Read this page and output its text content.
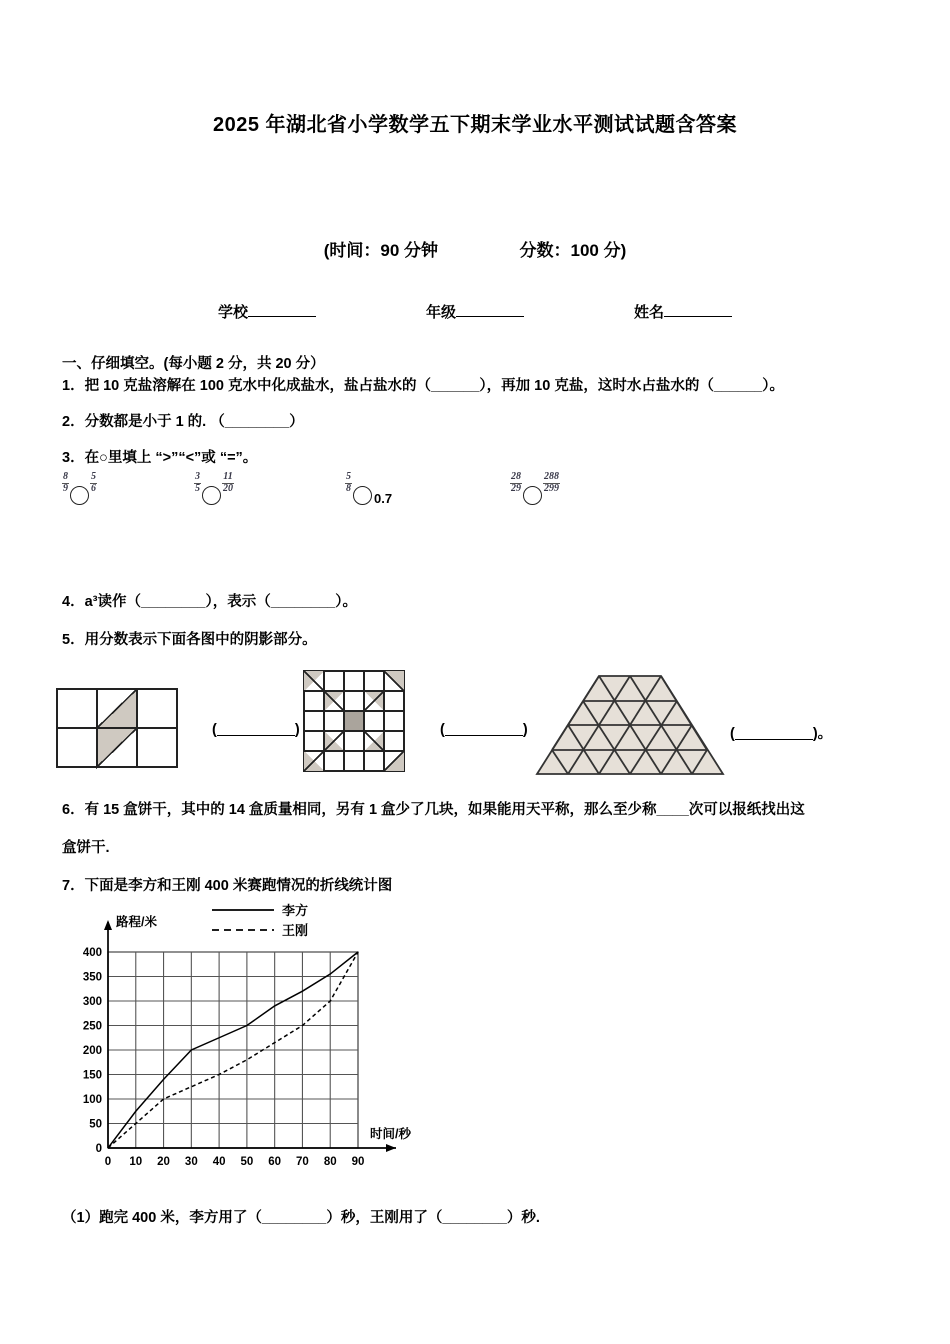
2025 年湖北省小学数学五下期末学业水平测试试题含答案
(时间：90 分钟	分数：100 分)
学校	年级	姓名
一、仔细填空。(每小题 2 分，共 20 分）
1．把 10 克盐溶解在 100 克水中化成盐水，盐占盐水的（______），再加 10 克盐，这时水占盐水的（______）。
2．分数都是小于 1 的. （________）
3．在○里填上 “>”“<”或 “=”。
$\frac{8}{9} \frac{5}{6}$	$\frac{3}{5} \frac{11}{20}$	$\frac{5}{8}$
0.7
$\frac{28}{29} \frac{288}{299}$
4．a³读作（________），表示（________）。
5．用分数表示下面各图中的阴影部分。
(	)	(	)	(	)。
6．有 15 盒饼干，其中的 14 盒质量相同，另有 1 盒少了几块，如果能用天平称，那么至少称____次可以报纸找出这
盒饼干.
7．下面是李方和王刚 400 米赛跑情况的折线统计图
0
50
100
150
200
250
300
350
400
0 10 20 30 40 50 60 70 80 90
路程/米
时间/秒
李方
王刚
（1）跑完 400 米，李方用了（________）秒，王刚用了（________）秒.
